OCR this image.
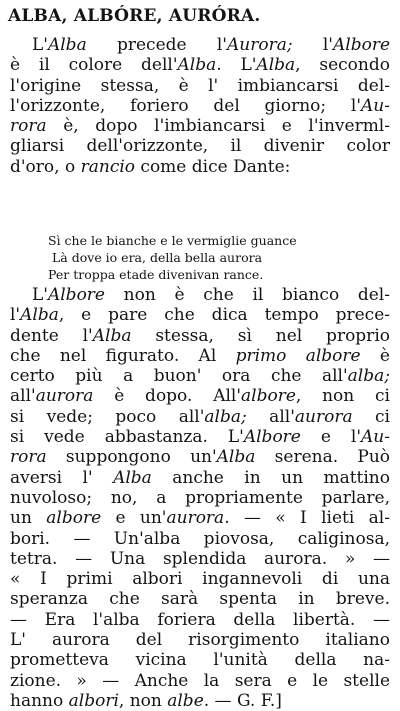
ALBA, ALBÓRE, AURÓRA.
L'Alba precede l'Aurora; l'Albore
è il colore dell'Alba. L'Alba, secondo
l'origine stessa, è l' imbiancarsi del-
l'orizzonte, foriero del giorno; l'Au-
rora è, dopo l'imbiancarsi e l'inverml-
gliarsi dell'orizzonte, il divenir color
d'oro, o rancio come dice Dante:
Sì che le bianche e le vermiglie guance
Là dove io era, della bella aurora
Per troppa etade divenivan rance.
L'Albore non è che il bianco del-
l'Alba, e pare che dica tempo prece-
dente l'Alba stessa, sì nel proprio
che nel figurato. Al primo albore è
certo più a buon' ora che all'alba;
all'aurora è dopo. All'albore, non ci
si vede; poco all'alba; all'aurora ci
si vede abbastanza. L'Albore e l'Au-
rora suppongono un'Alba serena. Può
aversi l' Alba anche in un mattino
nuvoloso; no, a propriamente parlare,
un albore e un'aurora. — « I lieti al-
bori. — Un'alba piovosa, caliginosa,
tetra. — Una splendida aurora. » —
« I primi albori ingannevoli di una
speranza che sarà spenta in breve.
— Era l'alba foriera della libertà. —
L' aurora del risorgimento italiano
prometteva vicina l'unità della na-
zione. » — Anche la sera e le stelle
hanno albori, non albe. — G. F.]
